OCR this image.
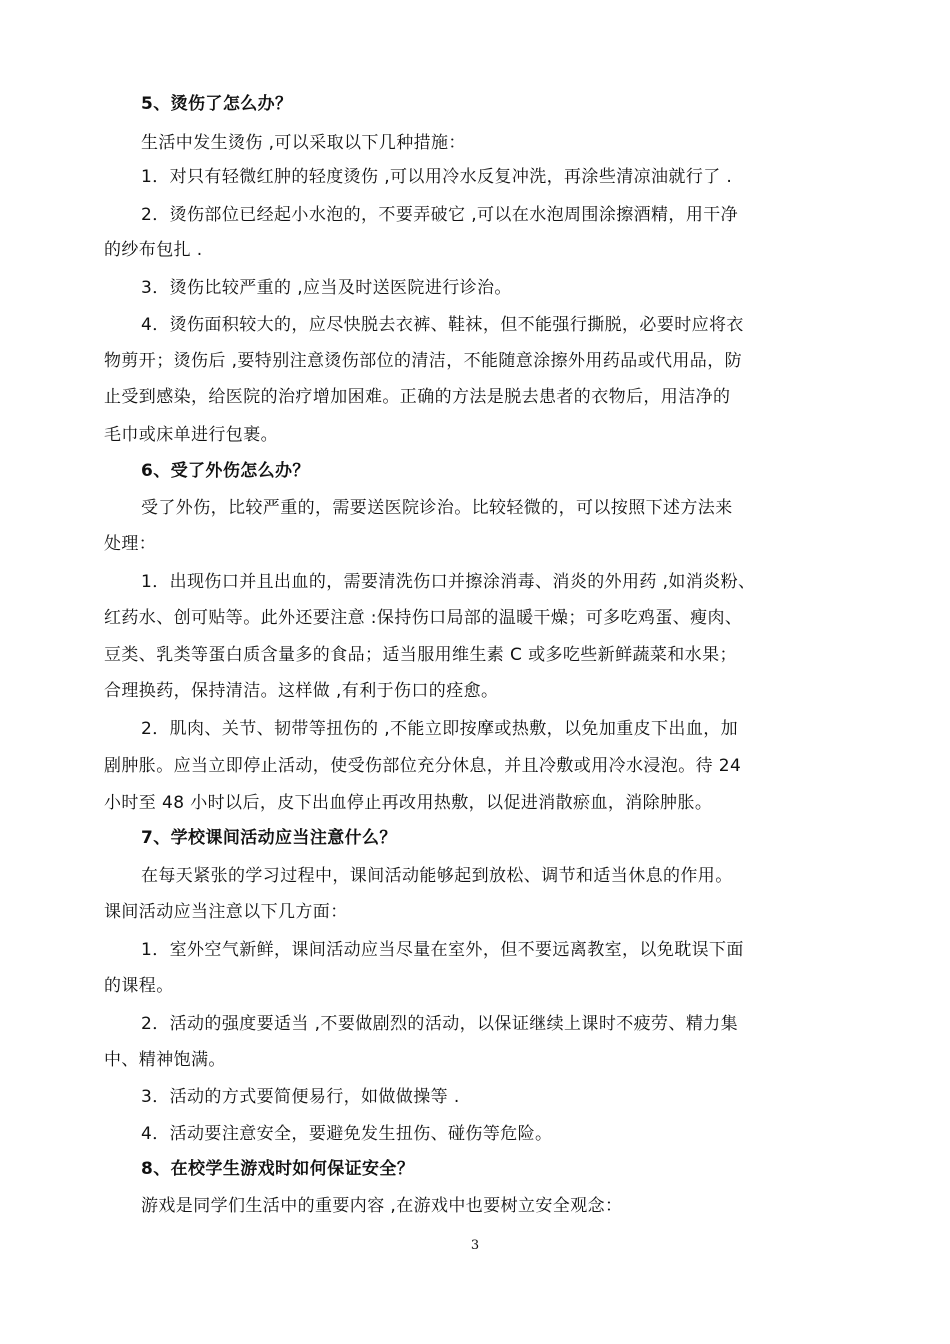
5、烫伤了怎么办？
生活中发生烫伤 ,可以采取以下几种措施：
1．对只有轻微红肿的轻度烫伤 ,可以用冷水反复冲洗，再涂些清凉油就行了 .
2．烫伤部位已经起小水泡的，不要弄破它 ,可以在水泡周围涂擦酒精，用干净
的纱布包扎 .
3．烫伤比较严重的 ,应当及时送医院进行诊治。
4．烫伤面积较大的，应尽快脱去衣裤、鞋袜，但不能强行撕脱，必要时应将衣
物剪开；烫伤后 ,要特别注意烫伤部位的清洁，不能随意涂擦外用药品或代用品，防
止受到感染，给医院的治疗增加困难。正确的方法是脱去患者的衣物后，用洁净的
毛巾或床单进行包裹。
6、受了外伤怎么办？
受了外伤，比较严重的，需要送医院诊治。比较轻微的，可以按照下述方法来
处理：
1．出现伤口并且出血的，需要清洗伤口并擦涂消毒、消炎的外用药 ,如消炎粉、
红药水、创可贴等。此外还要注意 :保持伤口局部的温暖干燥；可多吃鸡蛋、瘦肉、
豆类、乳类等蛋白质含量多的食品；适当服用维生素 C 或多吃些新鲜蔬菜和水果；
合理换药，保持清洁。这样做 ,有利于伤口的痊愈。
2．肌肉、关节、韧带等扭伤的 ,不能立即按摩或热敷，以免加重皮下出血，加
剧肿胀。应当立即停止活动，使受伤部位充分休息，并且冷敷或用冷水浸泡。待 24
小时至 48 小时以后，皮下出血停止再改用热敷，以促进消散瘀血，消除肿胀。
7、学校课间活动应当注意什么？
在每天紧张的学习过程中，课间活动能够起到放松、调节和适当休息的作用。
课间活动应当注意以下几方面：
1．室外空气新鲜，课间活动应当尽量在室外，但不要远离教室，以免耽误下面
的课程。
2．活动的强度要适当 ,不要做剧烈的活动，以保证继续上课时不疲劳、精力集
中、精神饱满。
3．活动的方式要简便易行，如做做操等 .
4．活动要注意安全，要避免发生扭伤、碰伤等危险。
8、在校学生游戏时如何保证安全？
游戏是同学们生活中的重要内容 ,在游戏中也要树立安全观念：
3
